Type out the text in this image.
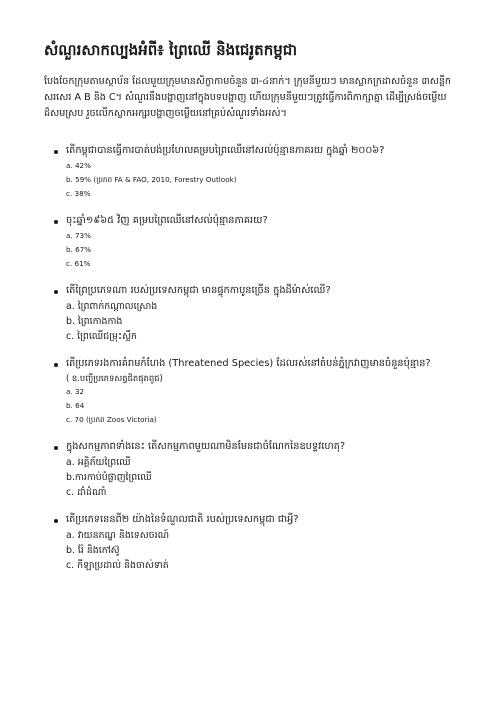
សំណួរសាកល្បងអំពី៖ ព្រៃឈើ និងជេរូតកម្ពុជា

បែងចែកក្រុមតាមស្ថាប័ន ដែលមួយក្រុមមានសិក្ខាកាមចំនួន ៣-៤នាក់។ ក្រុមនីមួយៗ មានស្លាកក្រដាសចំនួន ៣សន្លឹក សរសេរ A B និង C។ សំណួរនឹងបង្ហាញនៅក្នុងបទបង្ហាញ ហើយក្រុមនីមួយៗត្រូវធ្វើការពិភាក្សាគ្នា ដើម្បីស្រង់ចម្លើយដ៏សមស្រប រួចលើកស្លាកអក្សរបង្ហាញចម្លើយនៅគ្រប់សំណួរទាំងអស់។

តើកម្ពុជាបានធ្វើការបាត់បង់ប្រហែលគម្របព្រៃឈើនៅសល់ប៉ុន្មានភាគរយ ក្នុងឆ្នាំ ២០០៦?
a. 42%
b. 59% (ប្រភព FA & FAO, 2010, Forestry Outlook)
c. 38%
ចុះឆ្នាំ១៩៦៥ វិញ គម្របព្រៃឈើនៅសល់ប៉ុន្មានភាគរយ?
a. 73%
b. 67%
c. 61%
តើព្រៃប្រភេទណា របស់ប្រទេសកម្ពុជា មានផ្ទុកកាបូនច្រើន ក្នុងដីម៉ាស់ឈើ?
a. ព្រៃពាក់កណ្តាលស្រោង
b. ព្រៃកោងកាង
c. ព្រៃឈើជម្រុះស្លឹក
តើប្រភេទរងការគំរាមកំហែង (Threatened Species) ដែលរស់នៅតំបន់ភ្នំក្រវាញមានចំនួនប៉ុន្មាន?
( ឧ.បញ្ជីប្រភេទសត្វជិតផុតពូជ)
a. 32
b. 64
c. 70 (ប្រភព Zoos Victoria)
ក្នុងសកម្មភាពទាំងនេះ តើសកម្មភាពមួយណាមិនមែនជាចំណែកនៃឧបទ្ទវហេតុ?
a. អគ្គិភ័យព្រៃឈើ
b.ការកាប់បំផ្លាញព្រៃឈើ
c. ដាំដំណាំ
តើប្រភេទនេនពី២ យ៉ាងនៃទំណួលជាតិ របស់ប្រទេសកម្ពុជា ជាអ្វី?
a. វាយនភណ្ឌ និងទេសចរណ៍
b. រ៉ែ និងកៅស៊ូ
c. កីឡាប្រដាល់ និងចាស់ទាត់
